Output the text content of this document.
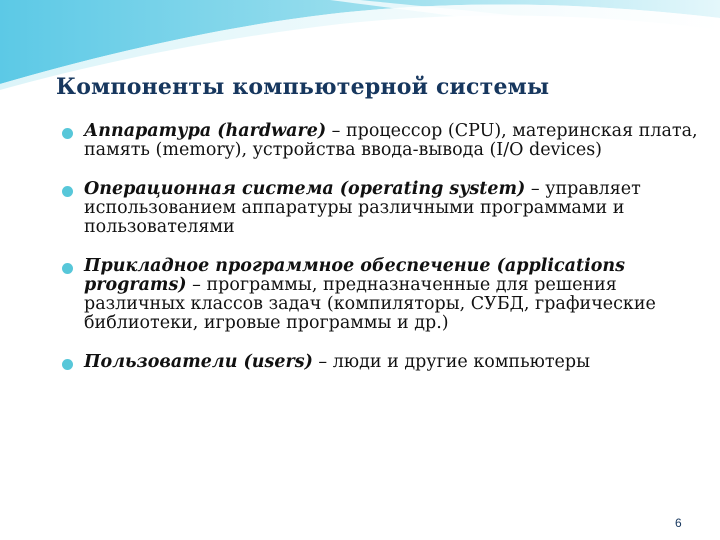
Компоненты компьютерной системы
Аппаратура (hardware) – процессор (CPU), материнская плата, память (memory), устройства ввода-вывода (I/O devices)
Операционная система (operating system) – управляет использованием аппаратуры различными программами и пользователями
Прикладное программное обеспечение (applications programs) – программы, предназначенные для решения различных классов задач (компиляторы, СУБД, графические библиотеки, игровые программы и др.)
Пользователи (users) – люди и другие компьютеры
6
